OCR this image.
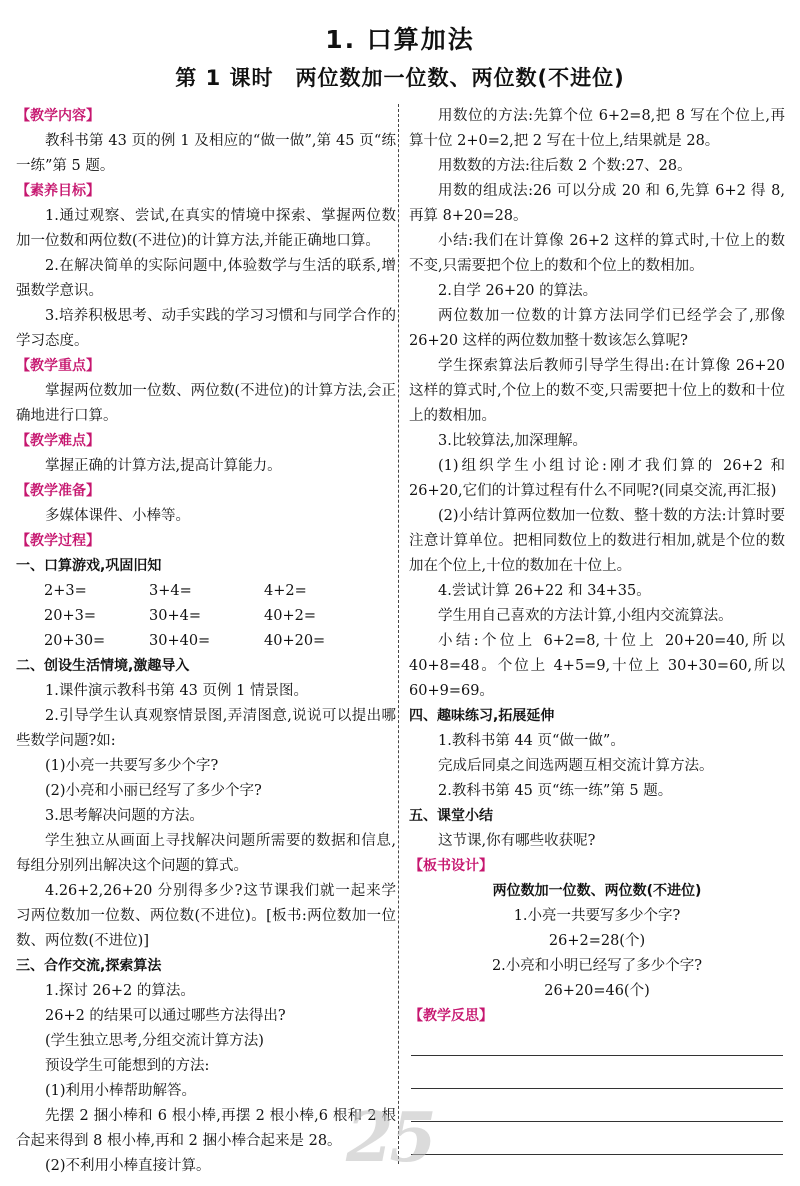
1. 口算加法
第 1 课时　两位数加一位数、两位数(不进位)
【教学内容】

教科书第 43 页的例 1 及相应的“做一做”,第 45 页“练一练”第 5 题。

【素养目标】

1.通过观察、尝试,在真实的情境中探索、掌握两位数加一位数和两位数(不进位)的计算方法,并能正确地口算。

2.在解决简单的实际问题中,体验数学与生活的联系,增强数学意识。

3.培养积极思考、动手实践的学习习惯和与同学合作的学习态度。

【教学重点】

掌握两位数加一位数、两位数(不进位)的计算方法,会正确地进行口算。

【教学难点】

掌握正确的计算方法,提高计算能力。

【教学准备】

多媒体课件、小棒等。

【教学过程】

一、口算游戏,巩固旧知

2+3=	3+4=	4+2=
20+3=	30+4=	40+2=
20+30=	30+40=	40+20=

二、创设生活情境,激趣导入

1.课件演示教科书第 43 页例 1 情景图。

2.引导学生认真观察情景图,弄清图意,说说可以提出哪些数学问题?如:

(1)小亮一共要写多少个字?

(2)小亮和小丽已经写了多少个字?

3.思考解决问题的方法。

学生独立从画面上寻找解决问题所需要的数据和信息,每组分别列出解决这个问题的算式。

4.26+2,26+20 分别得多少?这节课我们就一起来学习两位数加一位数、两位数(不进位)。[板书:两位数加一位数、两位数(不进位)]

三、合作交流,探索算法

1.探讨 26+2 的算法。

26+2 的结果可以通过哪些方法得出?

(学生独立思考,分组交流计算方法)

预设学生可能想到的方法:

(1)利用小棒帮助解答。

先摆 2 捆小棒和 6 根小棒,再摆 2 根小棒,6 根和 2 根合起来得到 8 根小棒,再和 2 捆小棒合起来是 28。

(2)不利用小棒直接计算。

用数位的方法:先算个位 6+2=8,把 8 写在个位上,再算十位 2+0=2,把 2 写在十位上,结果就是 28。

用数数的方法:往后数 2 个数:27、28。

用数的组成法:26 可以分成 20 和 6,先算 6+2 得 8,再算 8+20=28。

小结:我们在计算像 26+2 这样的算式时,十位上的数不变,只需要把个位上的数和个位上的数相加。

2.自学 26+20 的算法。

两位数加一位数的计算方法同学们已经学会了,那像 26+20 这样的两位数加整十数该怎么算呢?

学生探索算法后教师引导学生得出:在计算像 26+20 这样的算式时,个位上的数不变,只需要把十位上的数和十位上的数相加。

3.比较算法,加深理解。

(1)组织学生小组讨论:刚才我们算的 26+2 和 26+20,它们的计算过程有什么不同呢?(同桌交流,再汇报)

(2)小结计算两位数加一位数、整十数的方法:计算时要注意计算单位。把相同数位上的数进行相加,就是个位的数加在个位上,十位的数加在十位上。

4.尝试计算 26+22 和 34+35。

学生用自己喜欢的方法计算,小组内交流算法。

小结:个位上 6+2=8,十位上 20+20=40,所以 40+8=48。个位上 4+5=9,十位上 30+30=60,所以 60+9=69。

四、趣味练习,拓展延伸

1.教科书第 44 页“做一做”。

完成后同桌之间选两题互相交流计算方法。

2.教科书第 45 页“练一练”第 5 题。

五、课堂小结

这节课,你有哪些收获呢?

【板书设计】

两位数加一位数、两位数(不进位)

1.小亮一共要写多少个字?

26+2=28(个)

2.小亮和小明已经写了多少个字?

26+20=46(个)

【教学反思】
25
